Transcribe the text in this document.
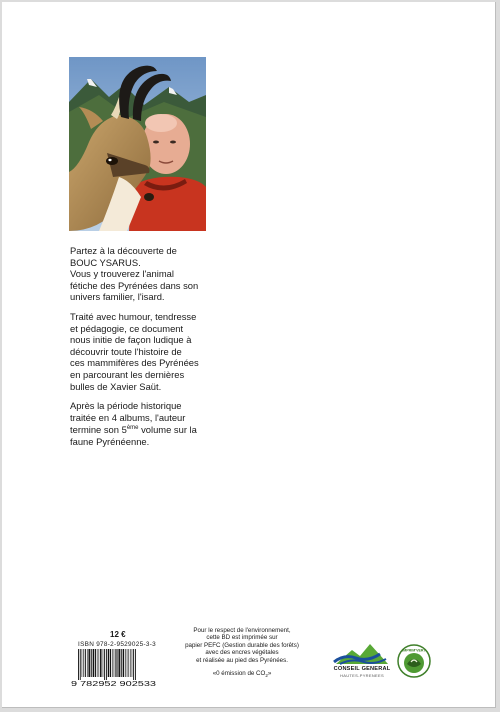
Partez à la découverte de
BOUC YSARUS.
Vous y trouverez l'animal
fétiche des Pyrénées dans son
univers familier, l'isard.

Traité avec humour, tendresse
et pédagogie, ce document
nous initie de façon ludique à
découvrir toute l'histoire de
ces mammifères des Pyrénées
en parcourant les dernières
bulles de Xavier Saüt.

Après la période historique
traitée en 4 albums, l'auteur
termine son 5ème volume sur la
faune Pyrénéenne.

12 €
ISBN 978-2-9529025-3-3
9 782952 902533
Pour le respect de l'environnement,
cette BD est imprimée sur
papier PEFC (Gestion durable des forêts)
avec des encres végétales
et réalisée au pied des Pyrénées.
«0 émission de $CO_2$»
CONSEIL GENERAL
HAUTES-PYRENEES
IMPRIM'VERT
